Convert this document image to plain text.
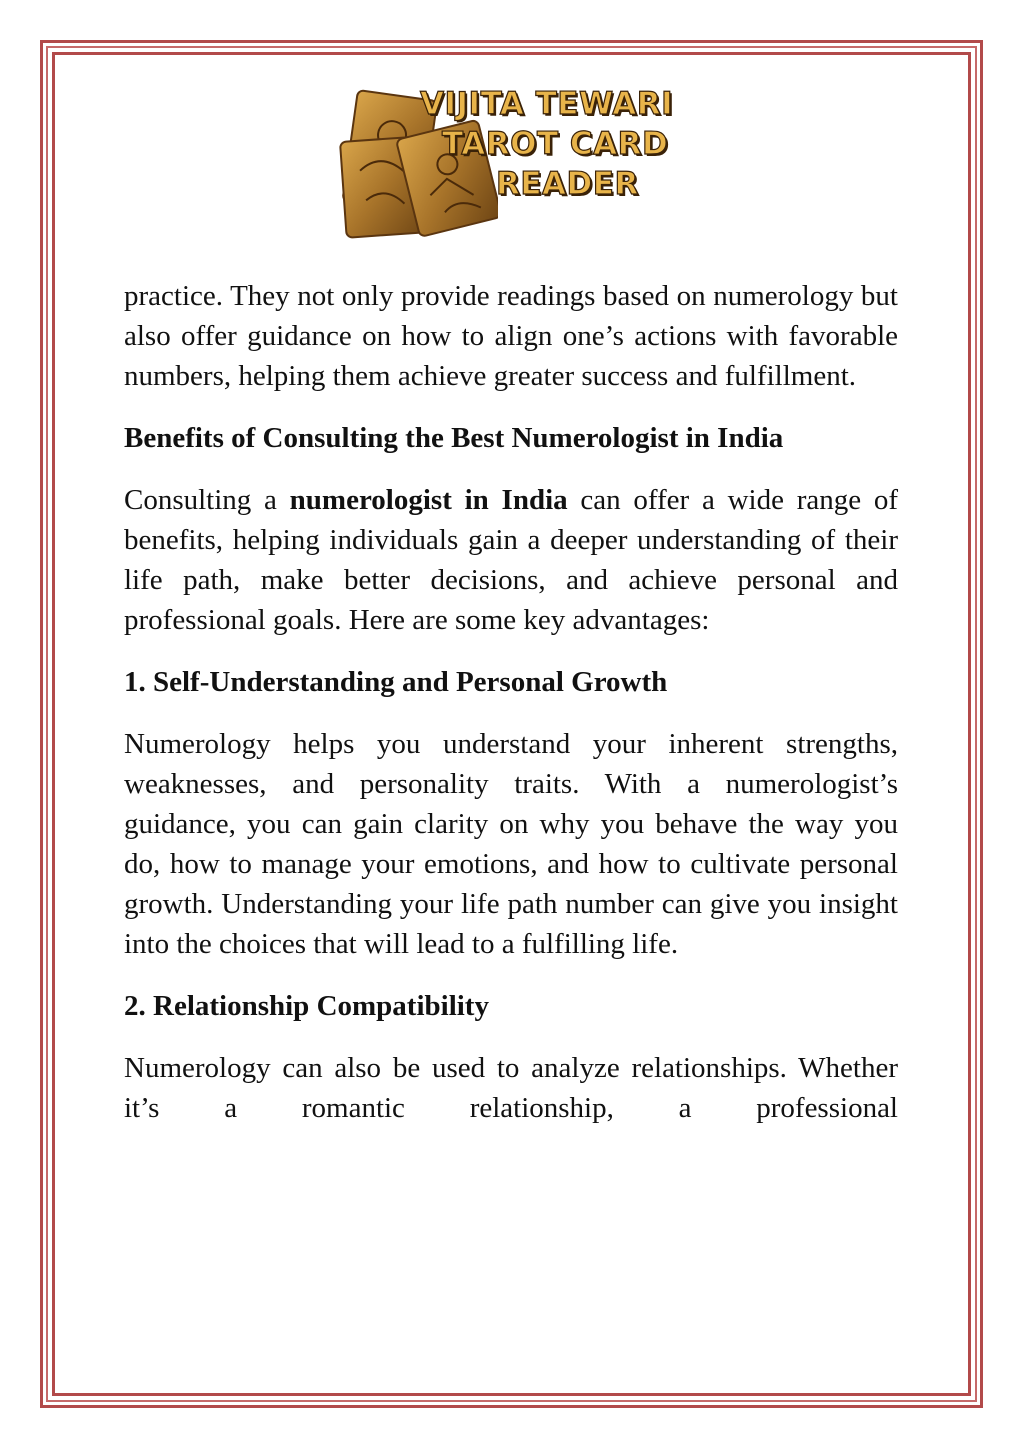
VIJITA TEWARI
TAROT CARD
READER

practice. They not only provide readings based on numerology but also offer guidance on how to align one’s actions with favorable numbers, helping them achieve greater success and fulfillment.

Benefits of Consulting the Best Numerologist in India

Consulting a numerologist in India can offer a wide range of benefits, helping individuals gain a deeper understanding of their life path, make better decisions, and achieve personal and professional goals. Here are some key advantages:

1. Self-Understanding and Personal Growth

Numerology helps you understand your inherent strengths, weaknesses, and personality traits. With a numerologist’s guidance, you can gain clarity on why you behave the way you do, how to manage your emotions, and how to cultivate personal growth. Understanding your life path number can give you insight into the choices that will lead to a fulfilling life.

2. Relationship Compatibility

Numerology can also be used to analyze relationships. Whether it’s a romantic relationship, a professional
